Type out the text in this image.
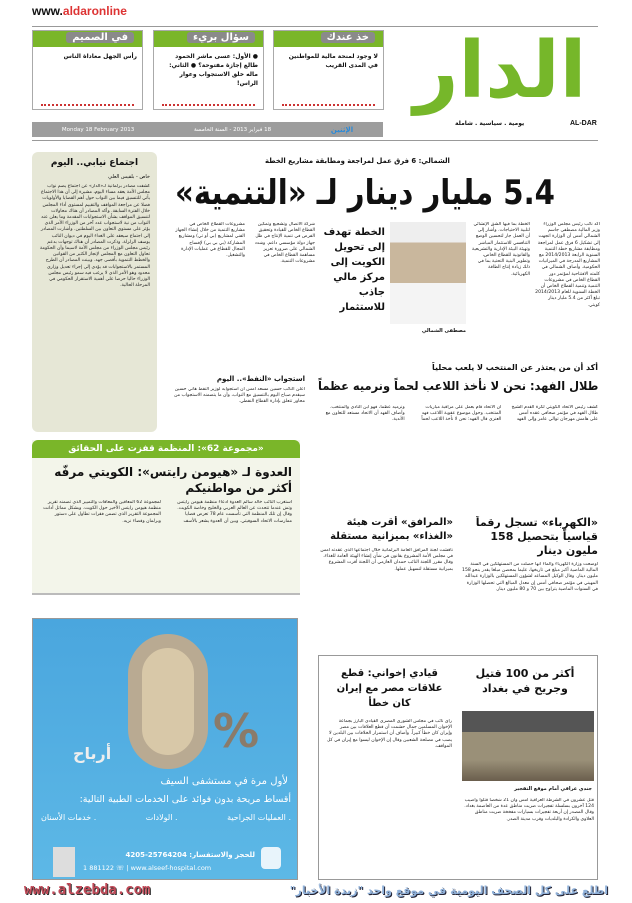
www.aldaronline
خذ عندك
لا وجود لمنحة مالية للمواطنين في المدى القريب
سؤال بريء
● الأول: عسى ماشر الحمود طالع إجازة مفتوحة؟ ● الثاني: ماله خلق الاستجواب وعوار الراس!
في الصميم
رأس الجهل معاداة الناس	الدار
AL-DAR
يومية . سياسية . شاملة
الإثنين
18 فبراير 2013 - السنة الخامسة
Monday 18 February 2013
الشمالي: 6 فرق عمل لمراجعة ومطابقة مشاريع الخطة
5.4 مليار دينار لـ «التنمية»
أكد نائب رئيس مجلس الوزراء وزير المالية مصطفى جاسم الشمالي أمس أن الوزارة اتجهت إلى تشكيل 6 فرق عمل لمراجعة ومطابقة مشاريع خطة التنمية السنوية الرابعة 2014/2013 مع المشاريع المدرجة في الميزانيات الحكومية. وأضاف الشمالي في كلمته الافتتاحية لمؤتمر دور القطاع الخاص في مشروعات التنمية وتنمية القطاع الخاص أن الخطة السنوية للعام 2014/2013 تبلغ أكثر من 5.4 مليار دينار كويتي.
الخطة بما فيها الشق الإنشائي لتلبية الاحتياجات. وأشار إلى أن العمل جار لتحسين الوضع التنافسي للاستثمار المباشر وتهيئة البيئة الإدارية والتشريعية والقانونية للقطاع الخاص، وتطوير البنية التحتية بما في ذلك زيادة إنتاج الطاقة الكهربائية.
مصطفى الشمالي
الخطة تهدف إلى تحويل الكويت إلى مركز مالي جاذب للاستثمار
شركة الاتصال وتشجيع وتمكين القطاع الخاص للقيادة وتحقيق الفرص في تنمية الإنتاج في ظل جهاز دولة مؤسسي داعم. وشدد الشمالي على ضرورة تعزيز مساهمة القطاع الخاص في مشروعات التنمية.
مشروعات القطاع الخاص في مشاريع التنمية من خلال إنشاء الجهاز الفني لمشاريع (بي أو تي) ومشاريع المشاركة (بي بي بي) لإفساح المجال للقطاع في عمليات الإدارة والتشغيل.
اجتماع نيابي.. اليوم
خاص - بلقيس العلي
كشفت مصادر برلمانية لـ«الدار» عن اجتماع يضم نواب مجلس الأمة يعقد مساء اليوم، مشيرة إلى أن هذا الاجتماع يأتي للتنسيق فيما بين النواب حول أهم القضايا والأولويات فضلا عن مراجعة المواقف والتقييم لمستوى أداء المجلس خلال الفترة السابقة. وأكد المصادر أن هناك محاولات لتنسيق المواقف بشأن الاستجوابات المقدمة وما يعلن عنه النواب من نية لاستجواب عدد آخر من الوزراء الأمر الذي يؤثر على مستوى التعاون بين السلطتين. وأشارت المصادر إلى اجتماع سيعقد على الغداء اليوم في ديوان النائب يوسف الزلزلة. وذكرت المصادر أن هناك توجهات بدعم رئيس مجلس الوزراء من مجلس الأمة لاسيما وأن الحكومة تحاول التعاون مع المجلس لإنجاز الكثير من القوانين والخطط التنموية بأقصى جهد. وبينت المصادر أن الطرح المستمر بالاستجوابات قد يؤدي إلى إجراء تعديل وزاري محدود وهو الأمر الذي لا يرغب فيه سمو رئيس مجلس الوزراء حاليا حرصا على أهمية الاستقرار الحكومي في المرحلة الحالية.
استجواب «النفط».. اليوم
أعلن النائب حسين مسعد أمس أن استجوابه لوزير النفط هاني حسين سيقدم صباح اليوم بالتنسيق مع النواب، وأن ما يتضمنه الاستجواب من محاور تتعلق بإدارة القطاع النفطي.
أكد أن من يعتذر عن المنتخب لا يلعب محلياً
طلال الفهد: نحن لا نأخذ اللاعب لحماً ونرميه عظماً
كشف رئيس الاتحاد الكويتي لكرة القدم الشيخ طلال الفهد في مؤتمر صحافي عقده أمس على هامش مهرجان توالي عامر وإلى الفهد أن الاتحاد قام بعمل على مراقبة مباريات المنتخب. وحول موضوع عقوبة اللاعب فهد العنزي قال الفهد: نحن لا نأخذ اللاعب لحماً ونرميه عظماً، فهو ابن النادي والمنتخب. وأضاف الفهد أن الاتحاد مستعد للتعاون مع الأندية.
«مجموعة 62»: المنظمة قفزت على الحقائق
العدوة لـ «هيومن رايتس»: الكويتي مرفّه أكثر من مواطنيكم
استغرب النائب خالد سالم العدوة ادعاء منظمة هيومن رايتس وتش عندما تتحدث عن العالم العربي والخليج وخاصة الكويت. وقال إن تلك المنظمة التي تأسست عام 78 تعرض قضايا ممارسات الاتحاد السوفيتي. وبين أن العدوة يشعر بالأسف لمجموعة 62 المعاقين والمعاقات والتمييز الذي تضمنه تقرير منظمة هيومن رايتس الأخير حول الكويت. وبشكل مماثل أدانت المجموعة التقرير الذي تضمن فقرات تطاول على دستور وبرلمان وقضاء نزيه.	«الكهرباء» تسجل رقماً قياسياً بتحصيل 158 مليون دينار
أوضحت وزارة الكهرباء والماء أنها حصلت من المستهلكين في السنة المالية الماضية أكبر مبلغ في تاريخها، عليما بمحصن مبلغا يقدر بنحو 158 مليون دينار. وقال الوكيل المساعد لشؤون المستهلكين بالوزارة عبدالله المهيني في مؤتمر صحافي أمس إن معدل المبالغ التي تحصلها الوزارة في السنوات الماضية يتراوح بين 70 و 80 مليون دينار.
«المرافق» أقرت هيئة «الغذاء» بميزانية مستقلة
ناقشت لجنة المرافق العامة البرلمانية خلال اجتماعها الذي عقدته أمس في مجلس الأمة المشروع بقانون في شأن إنشاء الهيئة العامة للغذاء، وقال مقرر اللجنة النائب حمدان العازمي أن اللجنة أقرت المشروع بميزانية مستقلة لتسهيل عملها.
%
أرباح
لأول مرة في مستشفى السيف
أقساط مريحة بدون فوائد على الخدمات الطبية التالية:
. العمليات الجراحية
. الولادات
. خدمات الأسنان
للحجز والاستفسار: 25764204-4205
1 881122 ☏ | www.alseef-hospital.com
أكثر من 100 قتيل وجريح في بغداد
جندي عراقي أمام موقع التفجير
قتل عشرون في الشرطة العراقية أمس وأن 21 شخصاً قتلوا وأصيب 124 آخرون بسلسلة تفجيرات ضربت مناطق عدة من العاصمة بغداد. وقال المصدر إن أربعة تفجيرات بسيارات مفخخة ضربت مناطق العلاوي والكرادة والبلديات وقرب مدينة الصدر.
قيادي إخواني: قطع علاقات مصر مع إيران كان خطأ
رأى نائب في مجلس الشورى المصري القيادي البارز بجماعة الإخوان المسلمين جمال حشمت أن قطع العلاقات بين مصر وإيران كان خطأ كبيراً. وأضاف أن استمرار الخلافات بين البلدين لا يصب في مصلحة الشعبين وقال إن الإخوان ليسوا مع إيران في كل المواقف.
www.alzebda.com	اطلع على كل الصحف اليومية في موقع واحد "زبدة الأخبار"
